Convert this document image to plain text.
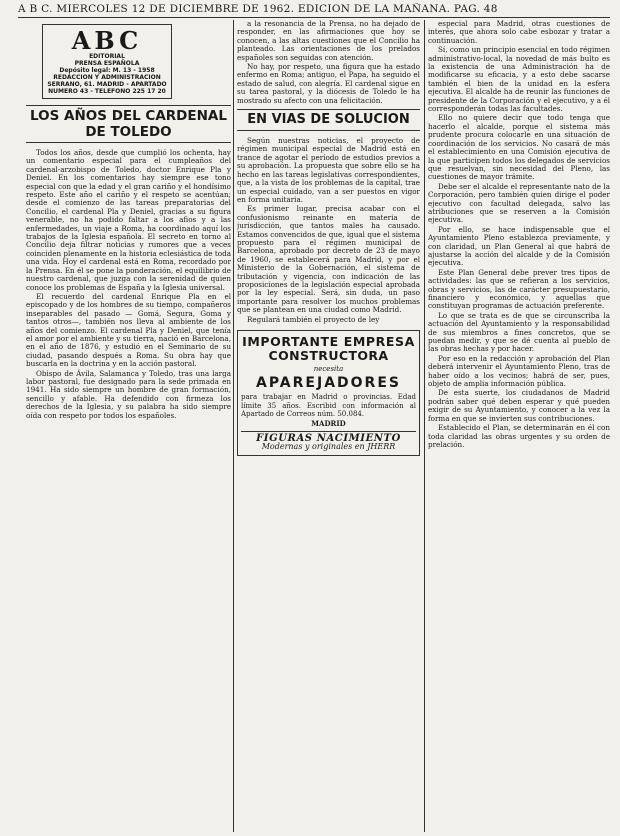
A B C. MIERCOLES 12 DE DICIEMBRE DE 1962. EDICION DE LA MAÑANA. PAG. 48
ABC
EDITORIAL
PRENSA ESPAÑOLA
Depósito legal: M. 13 - 1958
REDACCION Y ADMINISTRACION
SERRANO, 61. MADRID - APARTADO
NUMERO 43 - TELEFONO 225 17 20
LOS AÑOS DEL CARDENAL DE TOLEDO

Todos los años, desde que cumplió los ochenta, hay un comentario especial para el cumpleaños del cardenal-arzobispo de Toledo, doctor Enrique Pla y Deniel. En los comentarios hay siempre ese tono especial con que la edad y el gran cariño y el hondísimo respeto. Este año el cariño y el respeto se acentúan; desde el comienzo de las tareas preparatorias del Concilio, el cardenal Pla y Deniel, gracias a su figura venerable, no ha podido faltar a los afios y a las enfermedades, un viaje a Roma, ha coordinado aquí los trabajos de la Iglesia española. El secreto en torno al Concilio deja filtrar noticias y rumores que a veces coinciden plenamente en la historia eclesiástica de toda una vida. Hoy el cardenal está en Roma, recordado por la Prensa. En él se pone la ponderación, el equilibrio de nuestro cardenal, que juzga con la serenidad de quien conoce los problemas de España y la Iglesia universal.

El recuerdo del cardenal Enrique Pla en el episcopado y de los hombres de su tiempo, compañeros inseparables del pasado — Gomá, Segura, Goma y tantos otros—, también nos lleva al ambiente de los años del comienzo. El cardenal Pla y Deniel, que tenía el amor por el ambiente y su tierra, nació en Barcelona, en el año de 1876, y estudió en el Seminario de su ciudad, pasando después a Roma. Su obra hay que buscarla en la doctrina y en la acción pastoral.

Obispo de Ávila, Salamanca y Toledo, tras una larga labor pastoral, fue designado para la sede primada en 1941. Ha sido siempre un hombre de gran formación, sencillo y afable. Ha defendido con firmeza los derechos de la Iglesia, y su palabra ha sido siempre oída con respeto por todos los españoles.

a la resonancia de la Prensa, no ha dejado de responder, en las afirmaciones que hoy se conocen, a las altas cuestiones que el Concilio ha planteado. Las orientaciones de los prelados españoles son seguidas con atención.

No hay, por respeto, una figura que ha estado enfermo en Roma; antiguo, el Papa, ha seguido el estado de salud, con alegría. El cardenal sigue en su tarea pastoral, y la diócesis de Toledo le ha mostrado su afecto con una felicitación.

EN VIAS DE SOLUCION

Según nuestras noticias, el proyecto de régimen municipal especial de Madrid está en trance de agotar el período de estudios previos a su aprobación. La propuesta que sobre ello se ha hecho en las tareas legislativas correspondientes, que, a la vista de los problemas de la capital, trae un especial cuidado, van a ser puestos en vigor en forma unitaria.

Es primer lugar, precisa acabar con el confusionismo reinante en materia de jurisdicción, que tantos males ha causado. Estamos convencidos de que, igual que el sistema propuesto para el régimen municipal de Barcelona, aprobado por decreto de 23 de mayo de 1960, se establecerá para Madrid, y por el Ministerio de la Gobernación, el sistema de tributación y vigencia, con indicación de las proposiciones de la legislación especial aprobada por la ley especial. Será, sin duda, un paso importante para resolver los muchos problemas que se plantean en una ciudad como Madrid.

Regulará también el proyecto de ley

IMPORTANTE EMPRESA
CONSTRUCTORA
necesita
APAREJADORES
para trabajar en Madrid o provincias. Edad límite 35 años. Escribid con información al Apartado de Correos núm. 50.084.
MADRID
FIGURAS NACIMIENTO
Modernas y originales en JHERR

especial para Madrid, otras cuestiones de interés, que ahora solo cabe esbozar y tratar a continuación.

Sí, como un principio esencial en todo régimen administrativo-local, la novedad de más bulto es la existencia de una Administración ha de modificarse su eficacia, y a esto debe sacarse también el bien de la unidad en la esfera ejecutiva. El alcalde ha de reunir las funciones de presidente de la Corporación y el ejecutivo, y a él corresponderán todas las facultades.

Ello no quiere decir que todo tenga que hacerlo el alcalde, porque el sistema más prudente procura colocarle en una situación de coordinación de los servicios. No casará de más el establecimiento en una Comisión ejecutiva de la que participen todos los delegados de servicios que resuelvan, sin necesidad del Pleno, las cuestiones de mayor trámite.

Debe ser el alcalde el representante nato de la Corporación, pero también quien dirige el poder ejecutivo con facultad delegada, salvo las atribuciones que se reserven a la Comisión ejecutiva.

Por ello, se hace indispensable que el Ayuntamiento Pleno establezca previamente, y con claridad, un Plan General al que habrá de ajustarse la acción del alcalde y de la Comisión ejecutiva.

Este Plan General debe prever tres tipos de actividades: las que se refieran a los servicios, obras y servicios, las de carácter presupuestario, financiero y económico, y aquellas que constituyan programas de actuación preferente.

Lo que se trata es de que se circunscriba la actuación del Ayuntamiento y la responsabilidad de sus miembros a fines concretos, que se puedan medir, y que se dé cuenta al pueblo de las obras hechas y por hacer.

Por eso en la redacción y aprobación del Plan deberá intervenir el Ayuntamiento Pleno, tras de haber oído a los vecinos; habrá de ser, pues, objeto de amplia información pública.

De esta suerte, los ciudadanos de Madrid podrán saber qué deben esperar y qué pueden exigir de su Ayuntamiento, y conocer a la vez la forma en que se invierten sus contribuciones.

Establecido el Plan, se determinarán en él con toda claridad las obras urgentes y su orden de prelación.
